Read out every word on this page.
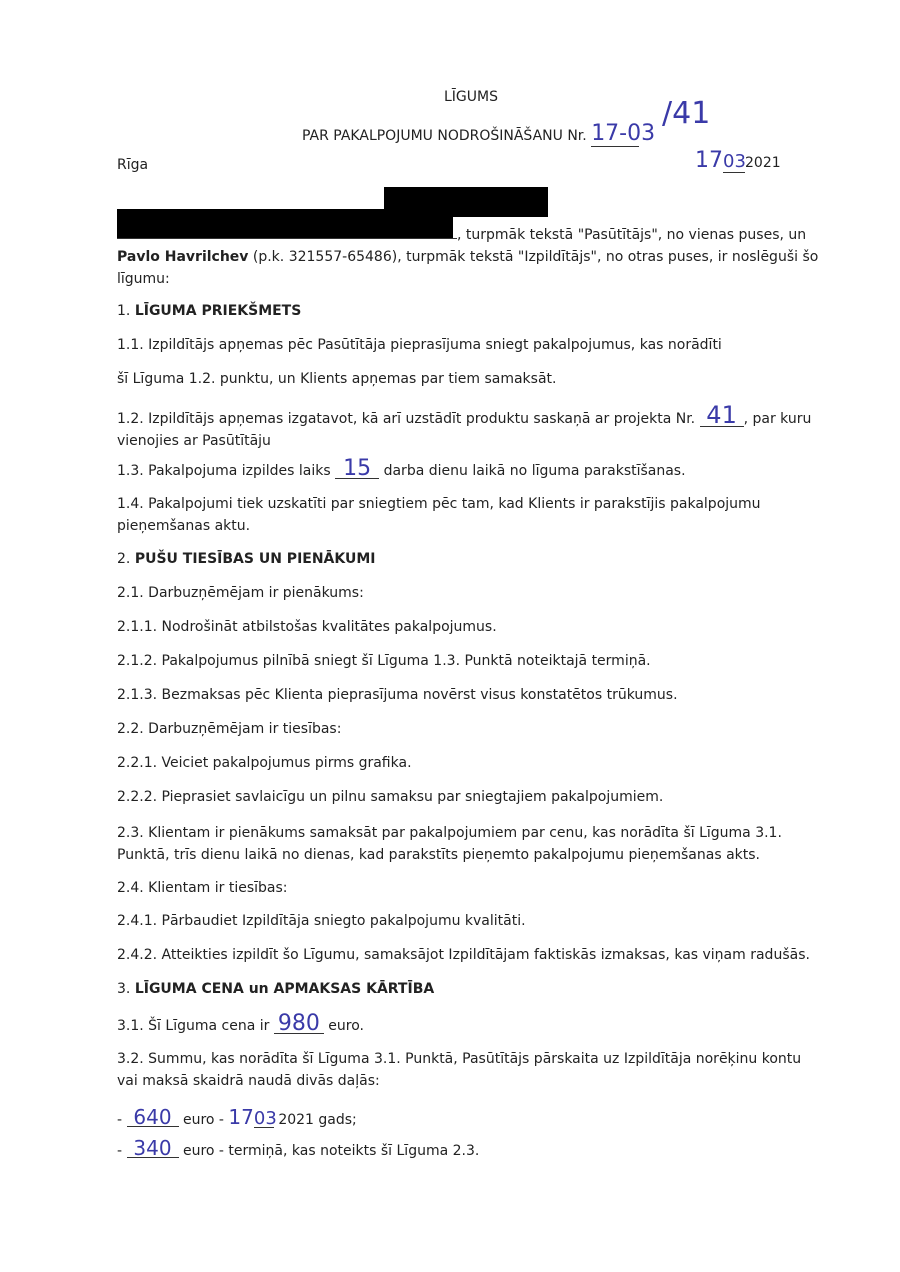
LĪGUMS
PAR PAKALPOJUMU NODROŠINĀŠANU Nr. 17-03
/41
Rīga	17032021
, turpmāk tekstā "Pasūtītājs", no vienas puses, un
Pavlo Havrilchev (p.k. 321557-65486), turpmāk tekstā "Izpildītājs", no otras puses, ir noslēguši šo
līgumu:
1. LĪGUMA PRIEKŠMETS
1.1. Izpildītājs apņemas pēc Pasūtītāja pieprasījuma sniegt pakalpojumus, kas norādīti
šī Līguma 1.2. punktu, un Klients apņemas par tiem samaksāt.
1.2. Izpildītājs apņemas izgatavot, kā arī uzstādīt produktu saskaņā ar projekta Nr. 41 , par kuru
vienojies ar Pasūtītāju
1.3. Pakalpojuma izpildes laiks 15 darba dienu laikā no līguma parakstīšanas.
1.4. Pakalpojumi tiek uzskatīti par sniegtiem pēc tam, kad Klients ir parakstījis pakalpojumu pieņemšanas aktu.
2. PUŠU TIESĪBAS UN PIENĀKUMI
2.1. Darbuzņēmējam ir pienākums:
2.1.1. Nodrošināt atbilstošas kvalitātes pakalpojumus.
2.1.2. Pakalpojumus pilnībā sniegt šī Līguma 1.3. Punktā noteiktajā termiņā.
2.1.3. Bezmaksas pēc Klienta pieprasījuma novērst visus konstatētos trūkumus.
2.2. Darbuzņēmējam ir tiesības:
2.2.1. Veiciet pakalpojumus pirms grafika.
2.2.2. Pieprasiet savlaicīgu un pilnu samaksu par sniegtajiem pakalpojumiem.
2.3. Klientam ir pienākums samaksāt par pakalpojumiem par cenu, kas norādīta šī Līguma 3.1. Punktā, trīs dienu laikā no dienas, kad parakstīts pieņemto pakalpojumu pieņemšanas akts.
2.4. Klientam ir tiesības:
2.4.1. Pārbaudiet Izpildītāja sniegto pakalpojumu kvalitāti.
2.4.2. Atteikties izpildīt šo Līgumu, samaksājot Izpildītājam faktiskās izmaksas, kas viņam radušās.
3. LĪGUMA CENA un APMAKSAS KĀRTĪBA
3.1. Šī Līguma cena ir 980 euro.
3.2. Summu, kas norādīta šī Līguma 3.1. Punktā, Pasūtītājs pārskaita uz Izpildītāja norēķinu kontu vai maksā skaidrā naudā divās daļās:
- 640 euro - 1703 2021 gads;
- 340 euro - termiņā, kas noteikts šī Līguma 2.3.
